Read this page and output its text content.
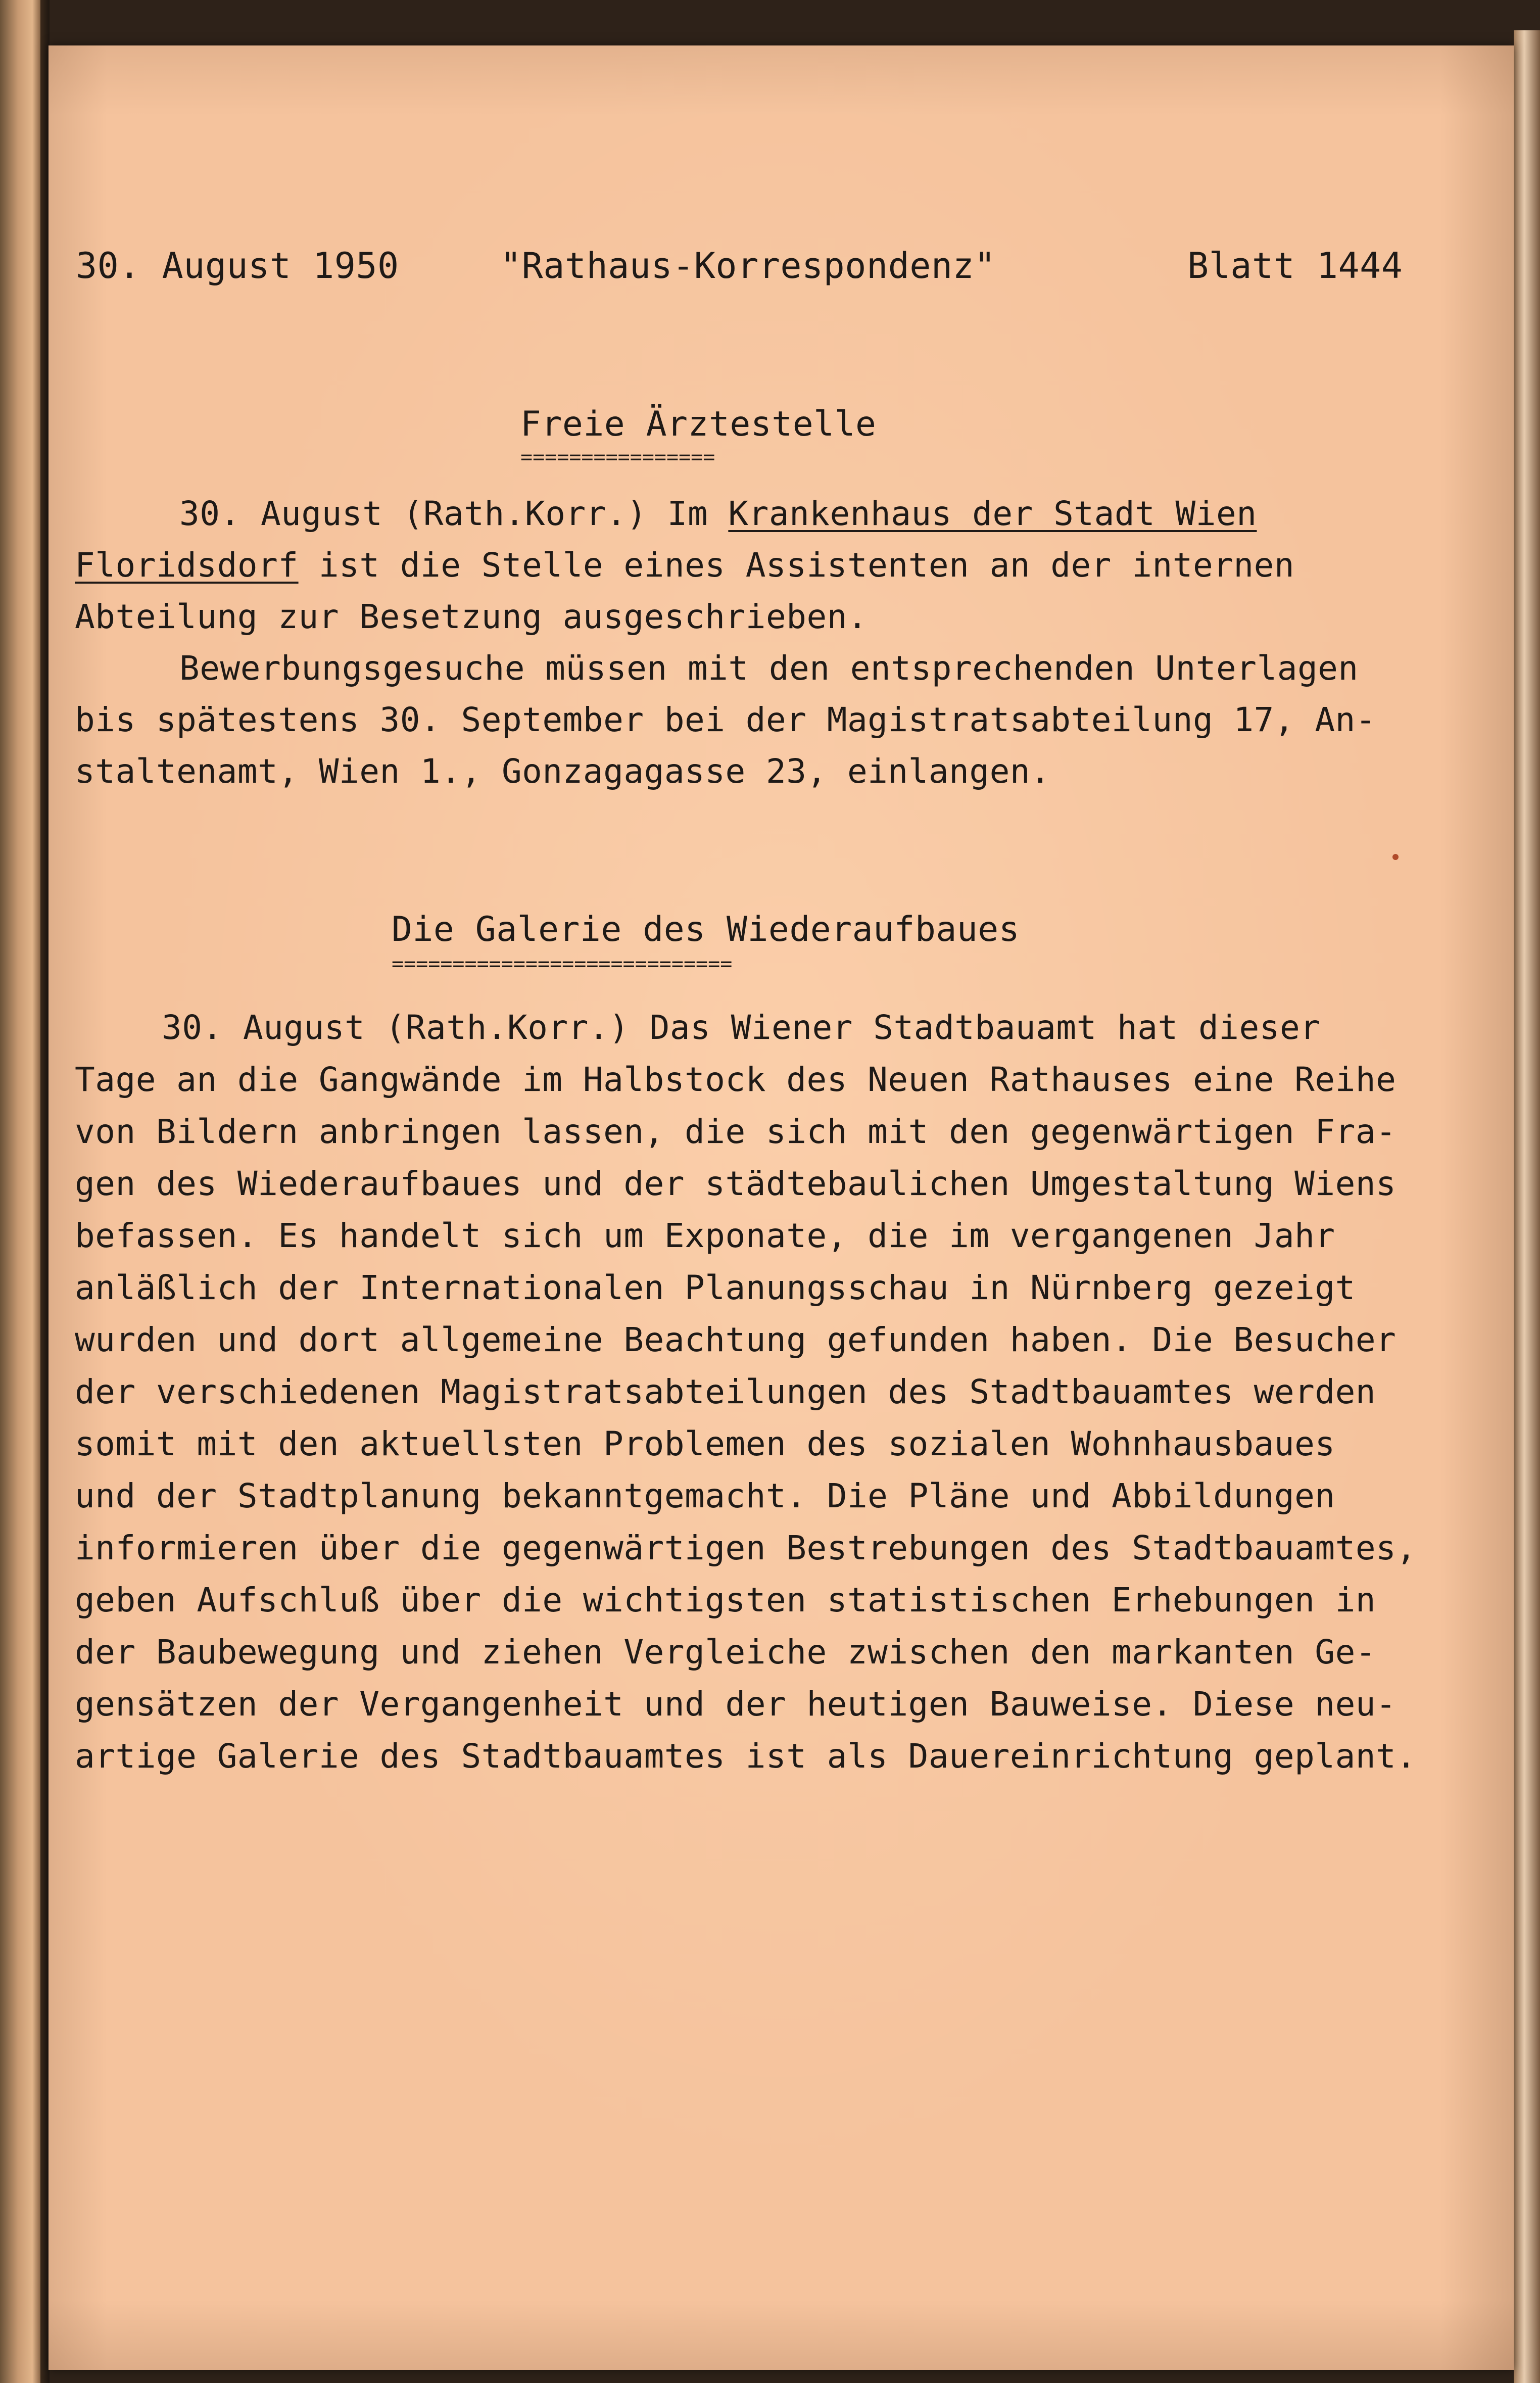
30. August 1950	"Rathaus-Korrespondenz"	Blatt 1444
Freie Ärztestelle
================
30. August (Rath.Korr.) Im Krankenhaus der Stadt Wien
Floridsdorf ist die Stelle eines Assistenten an der internen
Abteilung zur Besetzung ausgeschrieben.
Bewerbungsgesuche müssen mit den entsprechenden Unterlagen
bis spätestens 30. September bei der Magistratsabteilung 17, An-
staltenamt, Wien 1., Gonzagagasse 23, einlangen.
Die Galerie des Wiederaufbaues
============================
30. August (Rath.Korr.) Das Wiener Stadtbauamt hat dieser
Tage an die Gangwände im Halbstock des Neuen Rathauses eine Reihe
von Bildern anbringen lassen, die sich mit den gegenwärtigen Fra-
gen des Wiederaufbaues und der städtebaulichen Umgestaltung Wiens
befassen. Es handelt sich um Exponate, die im vergangenen Jahr
anläßlich der Internationalen Planungsschau in Nürnberg gezeigt
wurden und dort allgemeine Beachtung gefunden haben. Die Besucher
der verschiedenen Magistratsabteilungen des Stadtbauamtes werden
somit mit den aktuellsten Problemen des sozialen Wohnhausbaues
und der Stadtplanung bekanntgemacht. Die Pläne und Abbildungen
informieren über die gegenwärtigen Bestrebungen des Stadtbauamtes,
geben Aufschluß über die wichtigsten statistischen Erhebungen in
der Baubewegung und ziehen Vergleiche zwischen den markanten Ge-
gensätzen der Vergangenheit und der heutigen Bauweise. Diese neu-
artige Galerie des Stadtbauamtes ist als Dauereinrichtung geplant.
